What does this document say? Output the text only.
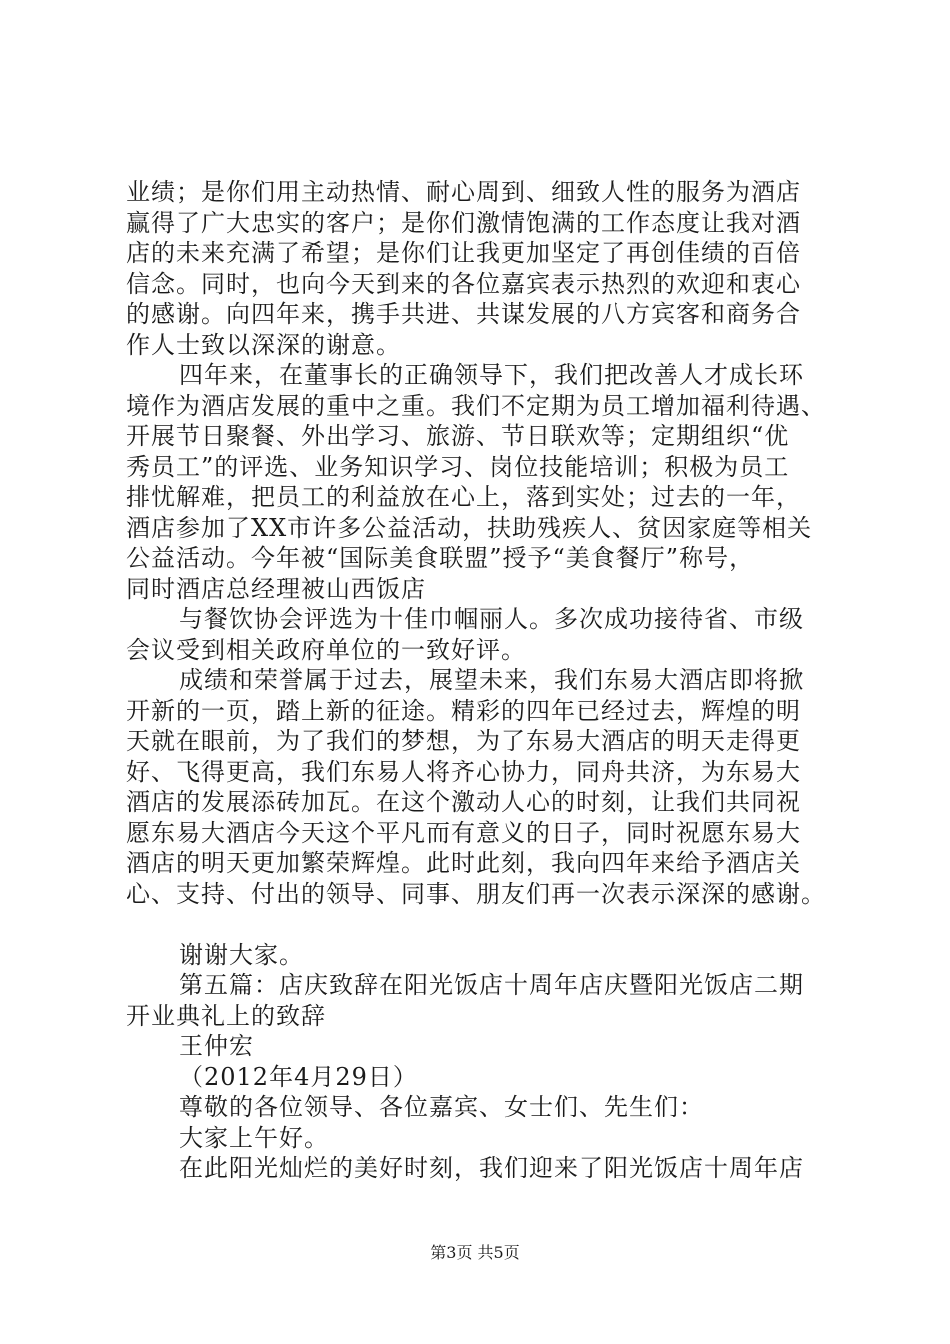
业绩；是你们用主动热情、耐心周到、细致人性的服务为酒店
赢得了广大忠实的客户；是你们激情饱满的工作态度让我对酒
店的未来充满了希望；是你们让我更加坚定了再创佳绩的百倍
信念。同时，也向今天到来的各位嘉宾表示热烈的欢迎和衷心
的感谢。向四年来，携手共进、共谋发展的八方宾客和商务合
作人士致以深深的谢意。
四年来，在董事长的正确领导下，我们把改善人才成长环
境作为酒店发展的重中之重。我们不定期为员工增加福利待遇、
开展节日聚餐、外出学习、旅游、节日联欢等；定期组织“优
秀员工”的评选、业务知识学习、岗位技能培训；积极为员工
排忧解难，把员工的利益放在心上，落到实处；过去的一年，
酒店参加了XX市许多公益活动，扶助残疾人、贫因家庭等相关
公益活动。今年被“国际美食联盟”授予“美食餐厅”称号，
同时酒店总经理被山西饭店
与餐饮协会评选为十佳巾帼丽人。多次成功接待省、市级
会议受到相关政府单位的一致好评。
成绩和荣誉属于过去，展望未来，我们东易大酒店即将掀
开新的一页，踏上新的征途。精彩的四年已经过去，辉煌的明
天就在眼前，为了我们的梦想，为了东易大酒店的明天走得更
好、飞得更高，我们东易人将齐心协力，同舟共济，为东易大
酒店的发展添砖加瓦。在这个激动人心的时刻，让我们共同祝
愿东易大酒店今天这个平凡而有意义的日子，同时祝愿东易大
酒店的明天更加繁荣辉煌。此时此刻，我向四年来给予酒店关
心、支持、付出的领导、同事、朋友们再一次表示深深的感谢。
谢谢大家。
第五篇：店庆致辞在阳光饭店十周年店庆暨阳光饭店二期
开业典礼上的致辞
王仲宏
（2012年4月29日）
尊敬的各位领导、各位嘉宾、女士们、先生们：
大家上午好。
在此阳光灿烂的美好时刻，我们迎来了阳光饭店十周年店
第3页 共5页
